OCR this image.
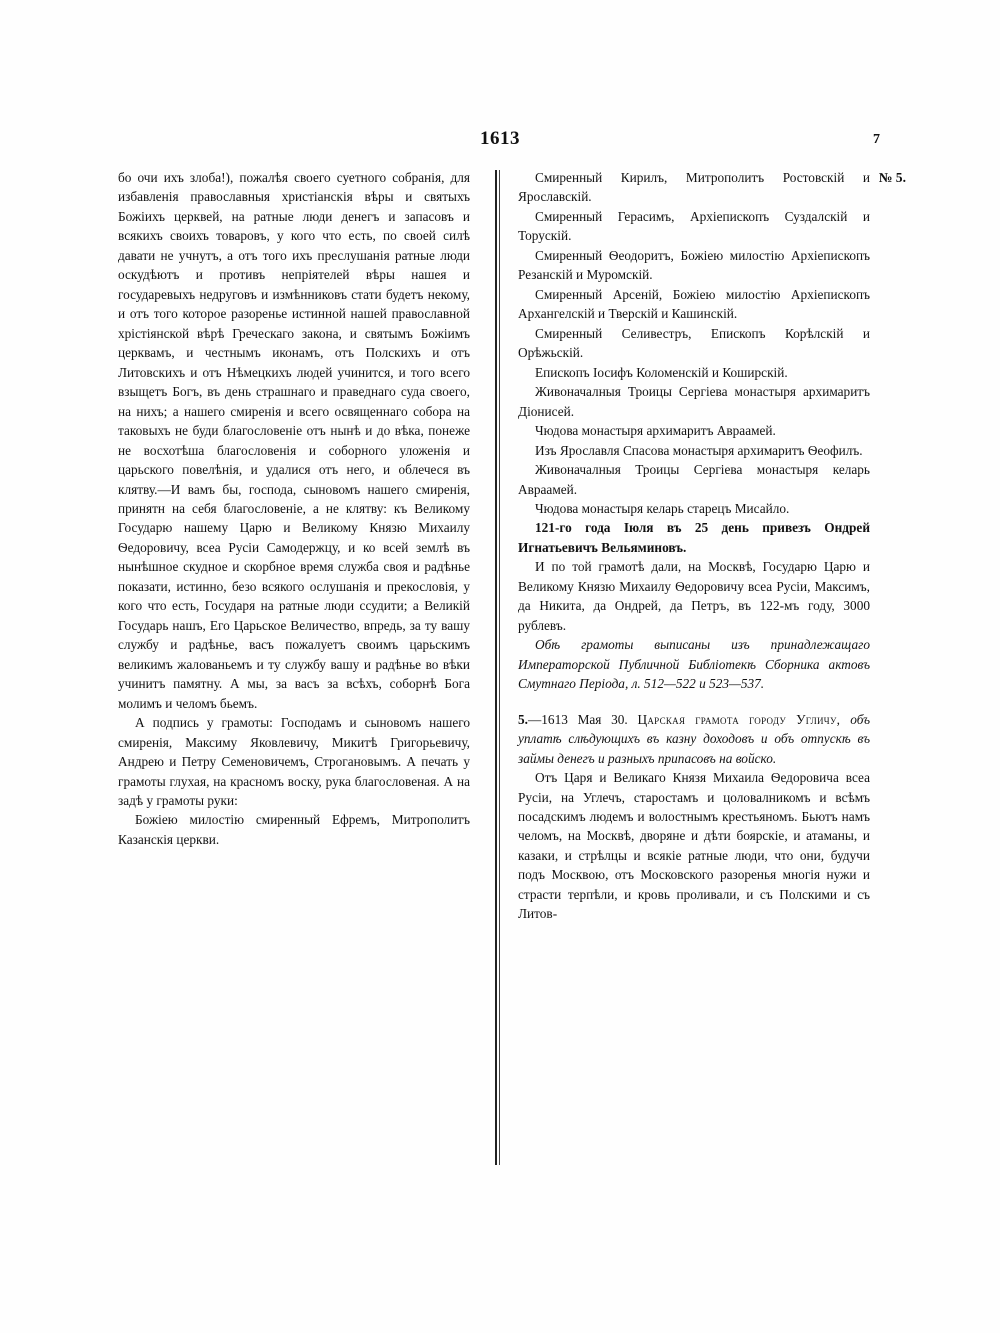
1613	7

бо очи ихъ злоба!), пожалѣя своего суетного собранія, для избавленія православныя христіанскія вѣры и святыхъ Божіихъ церквей, на ратные люди денегъ и запасовъ и всякихъ своихъ товаровъ, у кого что есть, по своей силѣ давати не учнутъ, а отъ того ихъ преслушанія ратные люди оскудѣютъ и противъ непріятелей вѣры нашея и государевыхъ недруговъ и измѣнниковъ стати будетъ некому, и отъ того которое разоренье истинной нашей православной хрістіянской вѣрѣ Греческаго закона, и святымъ Божіимъ церквамъ, и честнымъ иконамъ, отъ Полскихъ и отъ Литовскихъ и отъ Нѣмецкихъ людей учинится, и того всего взыщетъ Богъ, въ день страшнаго и праведнаго суда своего, на нихъ; а нашего смиренія и всего освященнаго собора на таковыхъ не буди благословеніе отъ нынѣ и до вѣка, понеже не восхотѣша благословенія и соборного уложенія и царьского повелѣнія, и удалися отъ него, и облечеся въ клятву.—И вамъ бы, господа, сыновомъ нашего смиренія, принятн на себя благословеніе, а не клятву: къ Великому Государю нашему Царю и Великому Князю Михаилу Ѳедоровичу, всеа Русіи Самодержцу, и ко всей землѣ въ нынѣшное скудное и скорбное время служба своя и радѣнье показати, истинно, безо всякого ослушанія и прекословія, у кого что есть, Государя на ратные люди ссудити; а Великій Государь нашъ, Его Царьское Величество, впредь, за ту вашу службу и радѣнье, васъ пожалуетъ своимъ царьскимъ великимъ жалованьемъ и ту службу вашу и радѣнье во вѣки учинитъ памятну. А мы, за васъ за всѣхъ, соборнѣ Бога молимъ и челомъ бьемъ.

А подпись у грамоты: Господамъ и сыновомъ нашего смиренія, Максиму Яковлевичу, Микитѣ Григорьевичу, Андрею и Петру Семеновичемъ, Строгановымъ. А печать у грамоты глухая, на красномъ воску, рука благословеная. А на задѣ у грамоты руки:

Божіею милостію смиренный Ефремъ, Митрополитъ Казанскія церкви.

№ 5.

Смиренный Кирилъ, Митрополитъ Ростовскій и Ярославскій.

Смиренный Герасимъ, Архіепископъ Суздалскій и Торускій.

Смиренный Ѳеодоритъ, Божіею милостію Архіепископъ Резанскій и Муромскій.

Смиренный Арсеній, Божіею милостію Архіепископъ Архангелскій и Тверскій и Кашинскій.

Смиренный Селивестръ, Епископъ Корѣлскій и Орѣжьскій.

Епископъ Іосифъ Коломенскій и Коширскій.

Живоначалныя Троицы Сергіева монастыря архимаритъ Діонисей.

Чюдова монастыря архимаритъ Авраамей.

Изъ Ярославля Спасова монастыря архимаритъ Ѳеофилъ.

Живоначалныя Троицы Сергіева монастыря келарь Авраамей.

Чюдова монастыря келарь старецъ Мисайло.

121-го года Іюля въ 25 день привезъ Ондрей Игнатьевичъ Вельяминовъ.

И по той грамотѣ дали, на Москвѣ, Государю Царю и Великому Князю Михаилу Ѳедоровичу всеа Русіи, Максимъ, да Никита, да Ондрей, да Петръ, въ 122-мъ году, 3000 рублевъ.

Обѣ грамоты выписаны изъ принадлежащаго Императорской Публичной Библіотекѣ Сборника актовъ Смутнаго Періода, л. 512—522 и 523—537.

5.—1613 Мая 30. Царская грамота городу Угличу, объ уплатѣ слѣдующихъ въ казну доходовъ и объ отпускѣ въ займы денегъ и разныхъ припасовъ на войско.

Отъ Царя и Великаго Князя Михаила Ѳедоровича всеа Русіи, на Углечъ, старостамъ и цоловалникомъ и всѣмъ посадскимъ людемъ и волостнымъ крестьяномъ. Бьютъ намъ челомъ, на Москвѣ, дворяне и дѣти боярскіе, и атаманы, и казаки, и стрѣлцы и всякіе ратные люди, что они, будучи подъ Москвою, отъ Московского разоренья многія нужи и страсти терпѣли, и кровь проливали, и съ Полскими и съ Литов-
